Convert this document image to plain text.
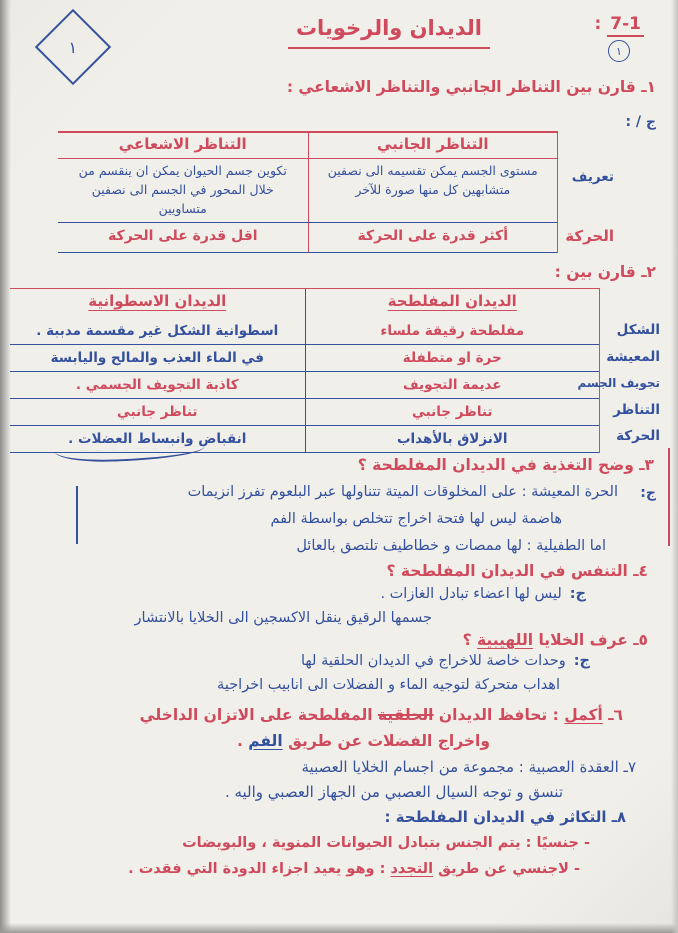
: 7-1
١
الديدان والرخويات
١
١ـ قارن بين التناظر الجانبي والتناظر الاشعاعي :
ج / :
تعريف
الحركة
التناظر الجانبي
التناظر الاشعاعي
مستوى الجسم يمكن تقسيمه الى نصفين متشابهين كل منها صورة للآخر
تكوين جسم الحيوان يمكن ان ينقسم من خلال المحور في الجسم الى نصفين متساويين
أكثر قدرة على الحركة
اقل قدرة على الحركة
٢ـ قارن بين :
الشكل
المعيشة
تجويف الجسم
التناظر
الحركة
الديدان المفلطحة
الديدان الاسطوانية
مفلطحة رقيقة ملساء
اسطوانية الشكل غير مقسمة مدببة .
حرة او متطفلة
في الماء العذب والمالح واليابسة
عديمة التجويف
كاذبة التجويف الجسمي .
تناظر جانبي
تناظر جانبي
الانزلاق بالأهداب
انقباض وانبساط العضلات .
٣ـ وضح التغذية في الديدان المفلطحة ؟
ج:
الحرة المعيشة : على المخلوقات الميتة تتناولها عبر البلعوم تفرز انزيمات
هاضمة ليس لها فتحة اخراج تتخلص بواسطة الفم
اما الطفيلية : لها ممصات و خطاطيف تلتصق بالعائل
٤ـ التنفس في الديدان المفلطحة ؟
ج:ليس لها اعضاء تبادل الغازات .
جسمها الرقيق ينقل الاكسجين الى الخلايا بالانتشار
٥ـ عرف الخلايا اللهيبية ؟
ج:وحدات خاصة للاخراج في الديدان الحلقية لها
اهداب متحركة لتوجيه الماء و الفضلات الى انابيب اخراجية
٦ـ أكمل : تحافظ الديدان الحلقية المفلطحة على الاتزان الداخلي
واخراج الفضلات عن طريق الفم .
٧ـ العقدة العصبية : مجموعة من اجسام الخلايا العصبية
تنسق و توجه السيال العصبي من الجهاز العصبي واليه .
٨ـ التكاثر في الديدان المفلطحة :
- جنسيًا : يتم الجنس بتبادل الحيوانات المنوية ، والبويضات
- لاجنسي عن طريق التجدد : وهو يعيد اجزاء الدودة التي فقدت .
